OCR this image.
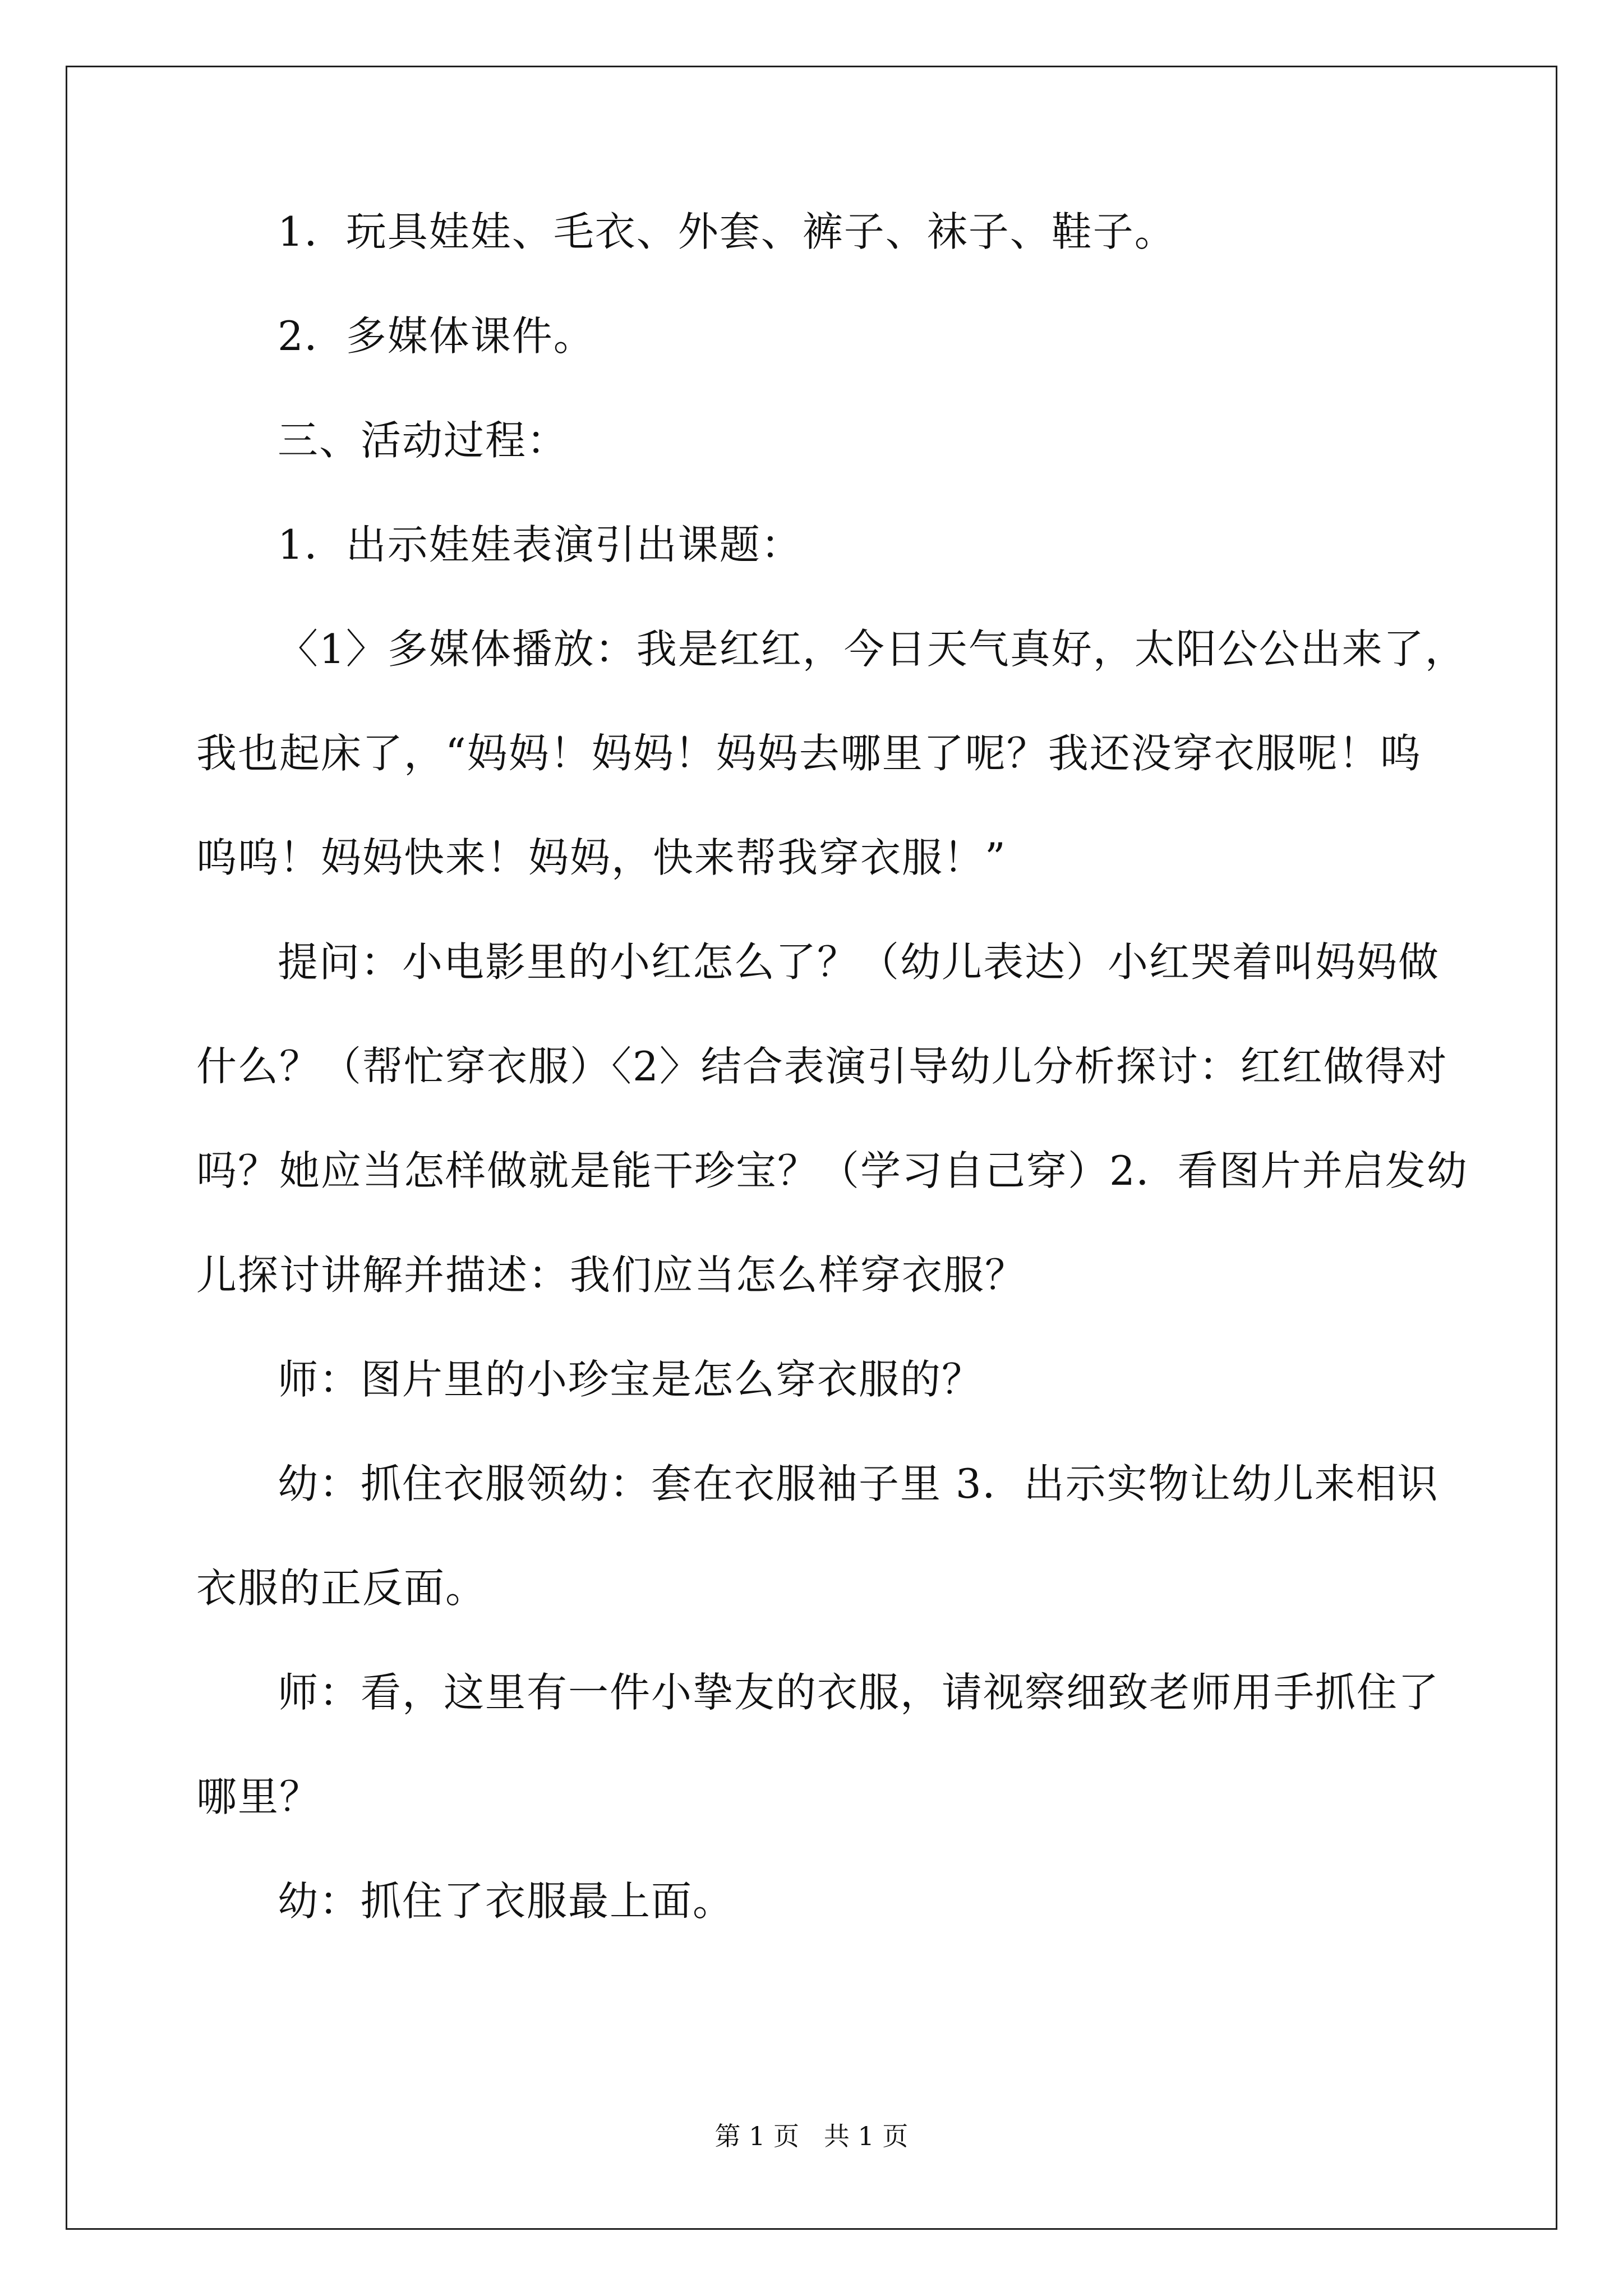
1．玩具娃娃、毛衣、外套、裤子、袜子、鞋子。
2．多媒体课件。
三、活动过程：
1．出示娃娃表演引出课题：
〈1〉多媒体播放：我是红红，今日天气真好，太阳公公出来了，
我也起床了，“妈妈！妈妈！妈妈去哪里了呢？我还没穿衣服呢！呜
呜呜！妈妈快来！妈妈，快来帮我穿衣服！”
提问：小电影里的小红怎么了？（幼儿表达）小红哭着叫妈妈做
什么？（帮忙穿衣服）〈2〉结合表演引导幼儿分析探讨：红红做得对
吗？她应当怎样做就是能干珍宝？（学习自己穿）2．看图片并启发幼
儿探讨讲解并描述：我们应当怎么样穿衣服？
师：图片里的小珍宝是怎么穿衣服的？
幼：抓住衣服领幼：套在衣服袖子里 3．出示实物让幼儿来相识
衣服的正反面。
师：看，这里有一件小挚友的衣服，请视察细致老师用手抓住了
哪里？
幼：抓住了衣服最上面。
第 1 页   共 1 页
